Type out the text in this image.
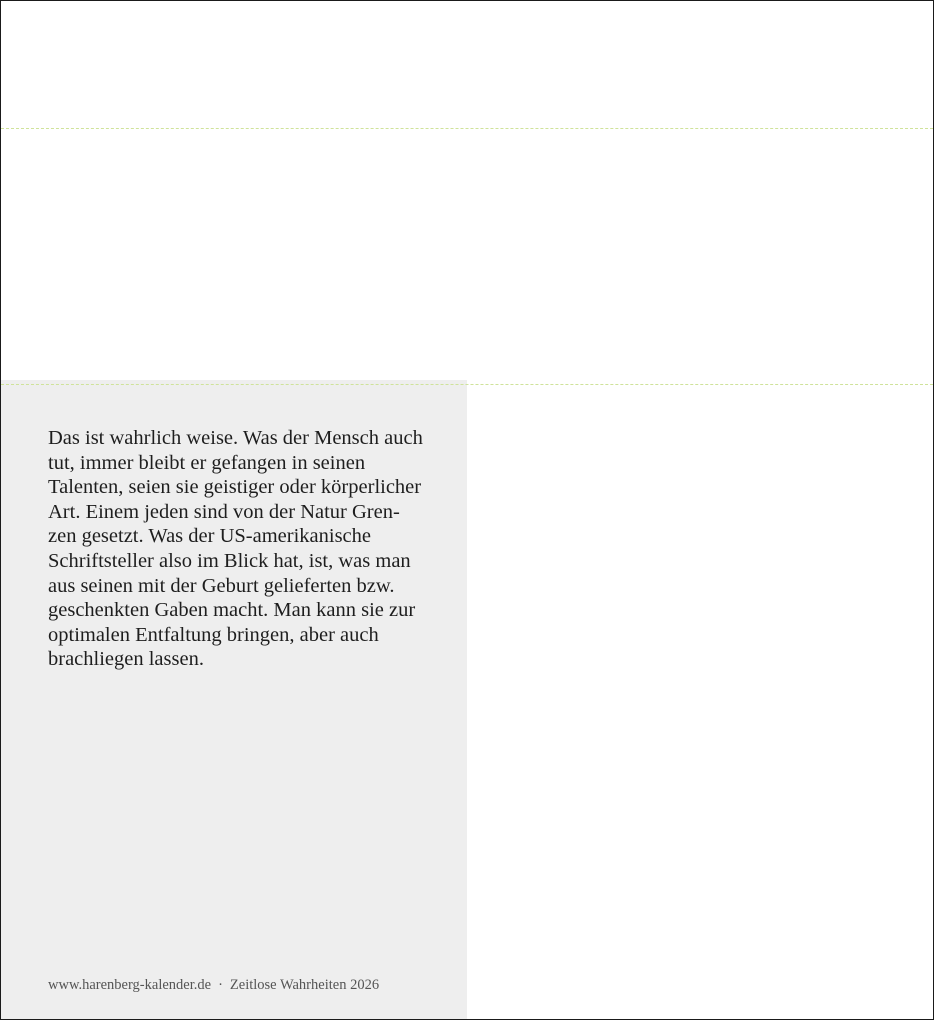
Das ist wahrlich weise. Was der Mensch auch
tut, immer bleibt er gefangen in seinen
Talenten, seien sie geistiger oder körperlicher
Art. Einem jeden sind von der Natur Gren-
zen gesetzt. Was der US-amerikanische
Schriftsteller also im Blick hat, ist, was man
aus seinen mit der Geburt gelieferten bzw.
geschenkten Gaben macht. Man kann sie zur
optimalen Entfaltung bringen, aber auch
brachliegen lassen.

www.harenberg-kalender.de · Zeitlose Wahrheiten 2026
